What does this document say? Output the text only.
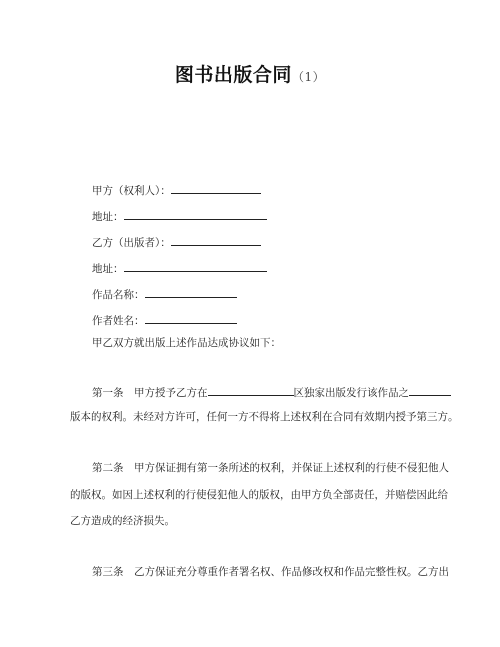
图书出版合同（1）
甲方（权利人）：
地址：
乙方（出版者）：
地址：
作品名称：
作者姓名：
甲乙双方就出版上述作品达成协议如下：
第一条　甲方授予乙方在	区独家出版发行该作品之
版本的权利。未经对方许可，任何一方不得将上述权利在合同有效期内授予第三方。
第二条　甲方保证拥有第一条所述的权利，并保证上述权利的行使不侵犯他人
的版权。如因上述权利的行使侵犯他人的版权，由甲方负全部责任，并赔偿因此给
乙方造成的经济损失。
第三条　乙方保证充分尊重作者署名权、作品修改权和作品完整性权。乙方出
